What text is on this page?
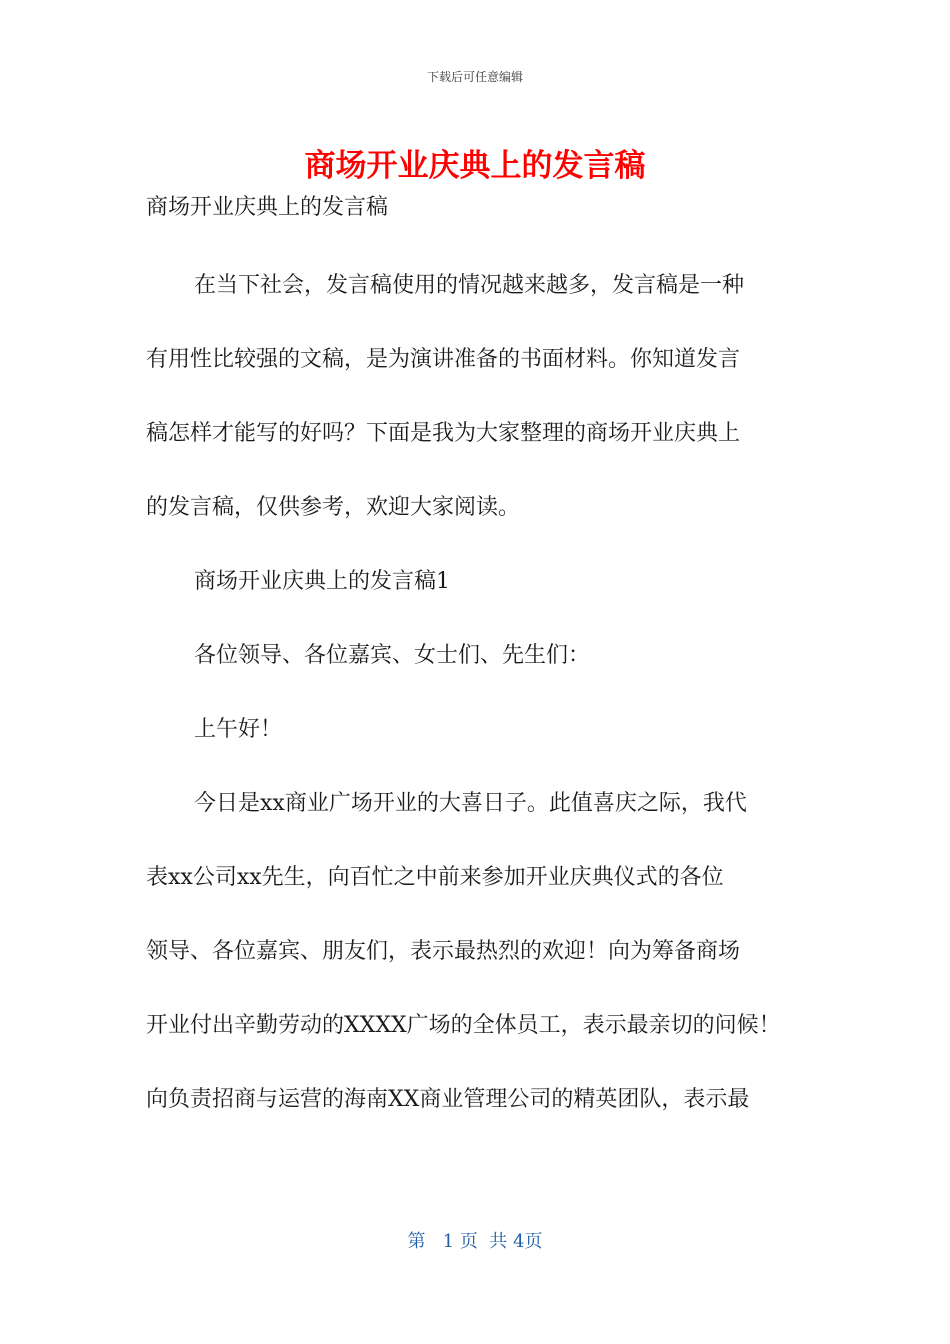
下载后可任意编辑
商场开业庆典上的发言稿
商场开业庆典上的发言稿
在当下社会，发言稿使用的情况越来越多，发言稿是一种
有用性比较强的文稿，是为演讲准备的书面材料。你知道发言
稿怎样才能写的好吗？下面是我为大家整理的商场开业庆典上
的发言稿，仅供参考，欢迎大家阅读。
商场开业庆典上的发言稿1
各位领导、各位嘉宾、女士们、先生们：
上午好！
今日是xx商业广场开业的大喜日子。此值喜庆之际，我代
表xx公司xx先生，向百忙之中前来参加开业庆典仪式的各位
领导、各位嘉宾、朋友们，表示最热烈的欢迎！向为筹备商场
开业付出辛勤劳动的XXXX广场的全体员工，表示最亲切的问候！
向负责招商与运营的海南XX商业管理公司的精英团队，表示最
第   1 页  共 4页
